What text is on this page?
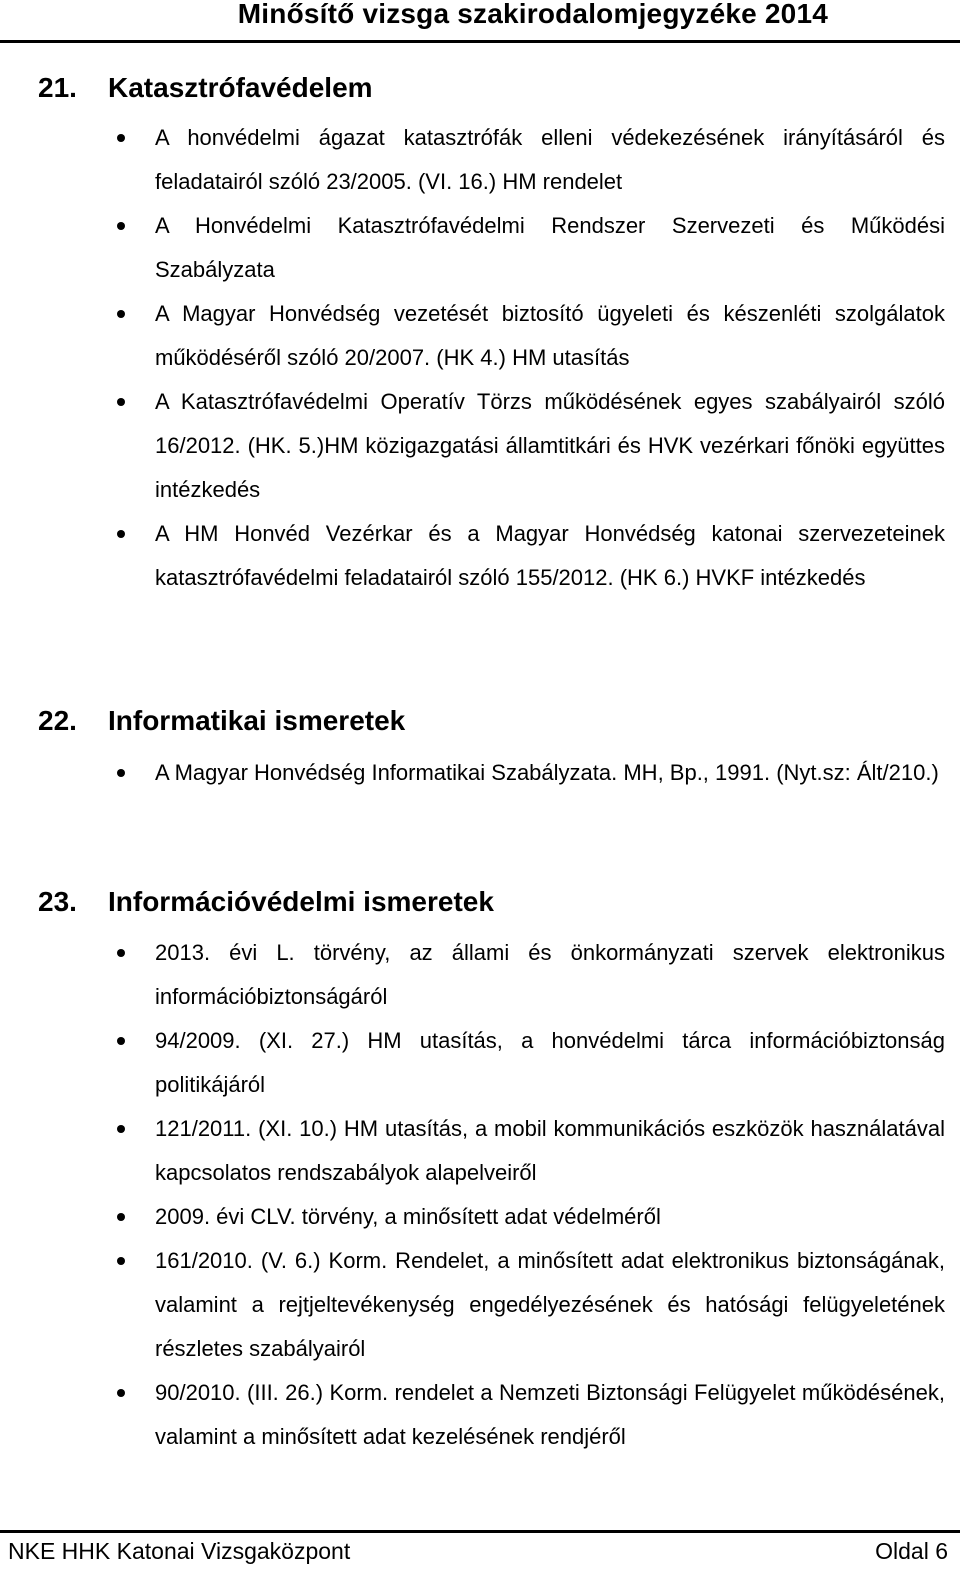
Minősítő vizsga szakirodalomjegyzéke 2014
21. Katasztrófavédelem
A honvédelmi ágazat katasztrófák elleni védekezésének irányításáról és feladatairól szóló 23/2005. (VI. 16.) HM rendelet
A Honvédelmi Katasztrófavédelmi Rendszer Szervezeti és Működési Szabályzata
A Magyar Honvédség vezetését biztosító ügyeleti és készenléti szolgálatok működéséről szóló 20/2007. (HK 4.) HM utasítás
A Katasztrófavédelmi Operatív Törzs működésének egyes szabályairól szóló 16/2012. (HK. 5.)HM közigazgatási államtitkári és HVK vezérkari főnöki együttes intézkedés
A HM Honvéd Vezérkar és a Magyar Honvédség katonai szervezeteinek katasztrófavédelmi feladatairól szóló 155/2012. (HK 6.) HVKF intézkedés
22. Informatikai ismeretek
A Magyar Honvédség Informatikai Szabályzata. MH, Bp., 1991. (Nyt.sz: Ált/210.)
23. Információvédelmi ismeretek
2013. évi L. törvény, az állami és önkormányzati szervek elektronikus információbiztonságáról
94/2009. (XI. 27.) HM utasítás, a honvédelmi tárca információbiztonság politikájáról
121/2011. (XI. 10.) HM utasítás, a mobil kommunikációs eszközök használatával kapcsolatos rendszabályok alapelveiről
2009. évi CLV. törvény, a minősített adat védelméről
161/2010. (V. 6.) Korm. Rendelet, a minősített adat elektronikus biztonságának, valamint a rejtjeltevékenység engedélyezésének és hatósági felügyeletének részletes szabályairól
90/2010. (III. 26.) Korm. rendelet a Nemzeti Biztonsági Felügyelet működésének, valamint a minősített adat kezelésének rendjéről
NKE HHK Katonai Vizsgaközpont	Oldal 6
